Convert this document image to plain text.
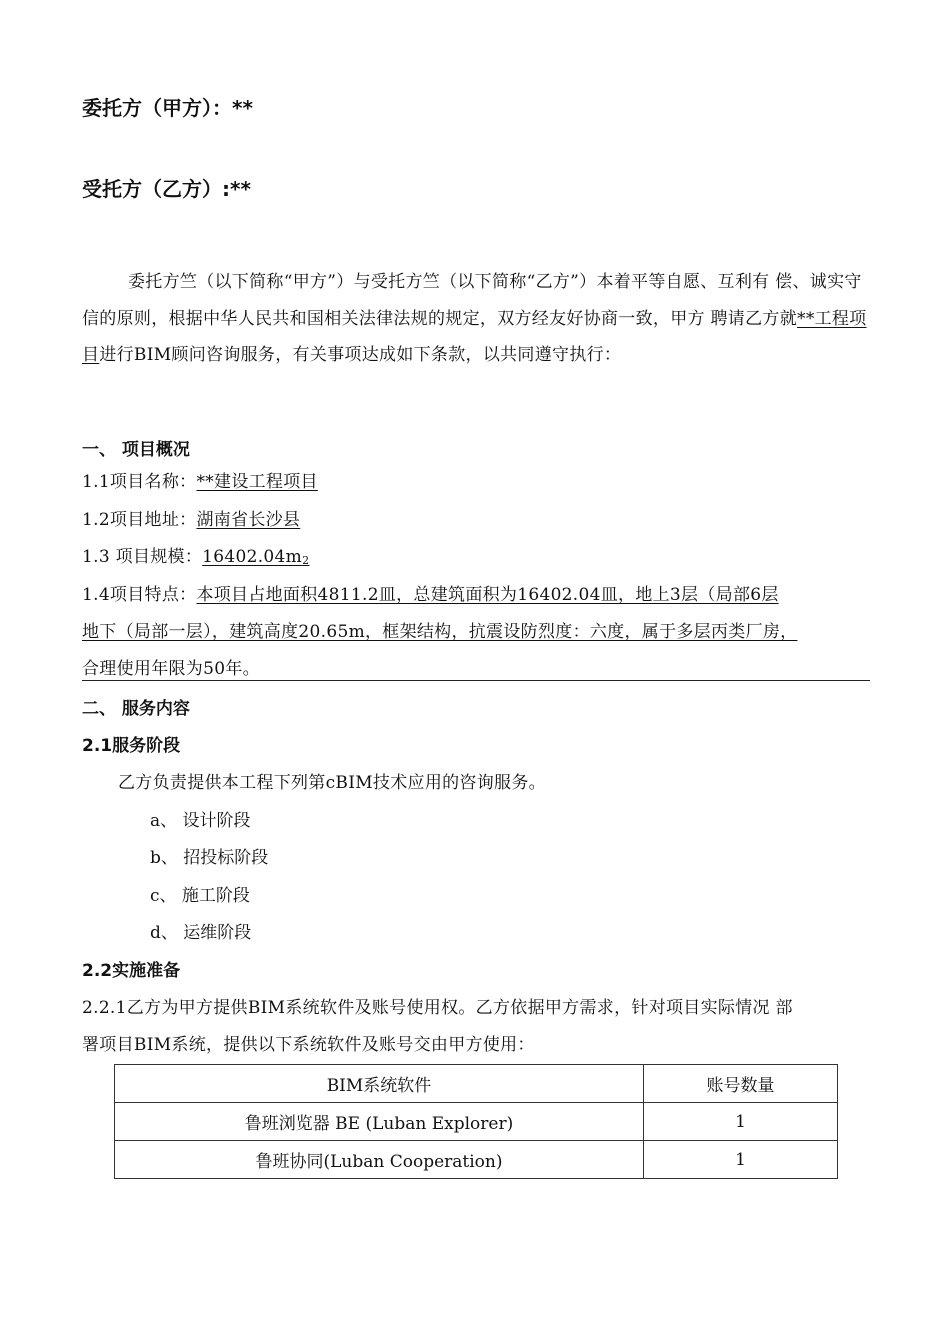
委托方（甲方）：**
受托方（乙方）:**
委托方竺（以下简称“甲方”）与受托方竺（以下简称“乙方”）本着平等自愿、互利有 偿、诚实守信的原则，根据中华人民共和国相关法律法规的规定，双方经友好协商一致，甲方 聘请乙方就**工程项目进行BIM顾问咨询服务，有关事项达成如下条款，以共同遵守执行：
一、 项目概况
1.1项目名称：**建设工程项目
1.2项目地址：湖南省长沙县
1.3 项目规模：$16402.04m_2$
1.4项目特点：本项目占地面积4811.2皿，总建筑面积为16402.04皿，地上3层（局部6层
地下（局部一层），建筑高度20.65m，框架结构，抗震设防烈度：六度，属于多层丙类厂房，
合理使用年限为50年。
二、 服务内容
2.1服务阶段
乙方负责提供本工程下列第cBIM技术应用的咨询服务。
a、 设计阶段
b、 招投标阶段
c、 施工阶段
d、 运维阶段
2.2实施准备
2.2.1乙方为甲方提供BIM系统软件及账号使用权。乙方依据甲方需求，针对项目实际情况 部
署项目BIM系统，提供以下系统软件及账号交由甲方使用：
BIM系统软件	账号数量
鲁班浏览器 BE (Luban Explorer)	1
鲁班协同(Luban Cooperation)	1
